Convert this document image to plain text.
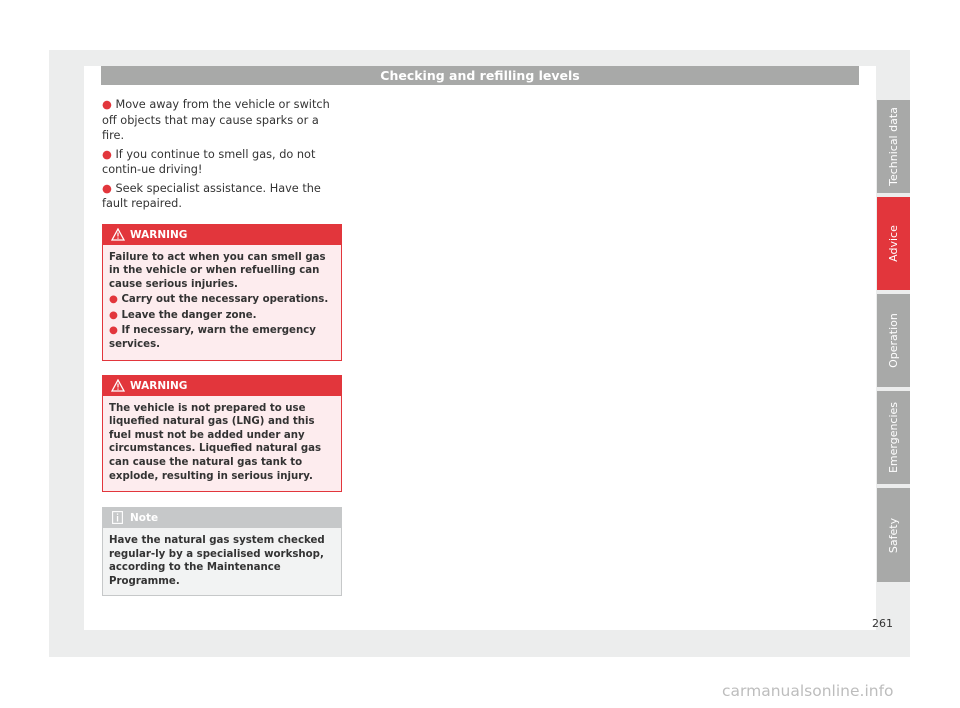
Checking and refilling levels
● Move away from the vehicle or switch off objects that may cause sparks or a fire.
● If you continue to smell gas, do not contin-ue driving!
● Seek specialist assistance. Have the fault repaired.
WARNING
Failure to act when you can smell gas in the vehicle or when refuelling can cause serious injuries.
● Carry out the necessary operations.
● Leave the danger zone.
● If necessary, warn the emergency services.
WARNING
The vehicle is not prepared to use liquefied natural gas (LNG) and this fuel must not be added under any circumstances. Liquefied natural gas can cause the natural gas tank to explode, resulting in serious injury.
Note
Have the natural gas system checked regular-ly by a specialised workshop, according to the Maintenance Programme.
Technical data
Advice
Operation
Emergencies
Safety
261
carmanualsonline.info
